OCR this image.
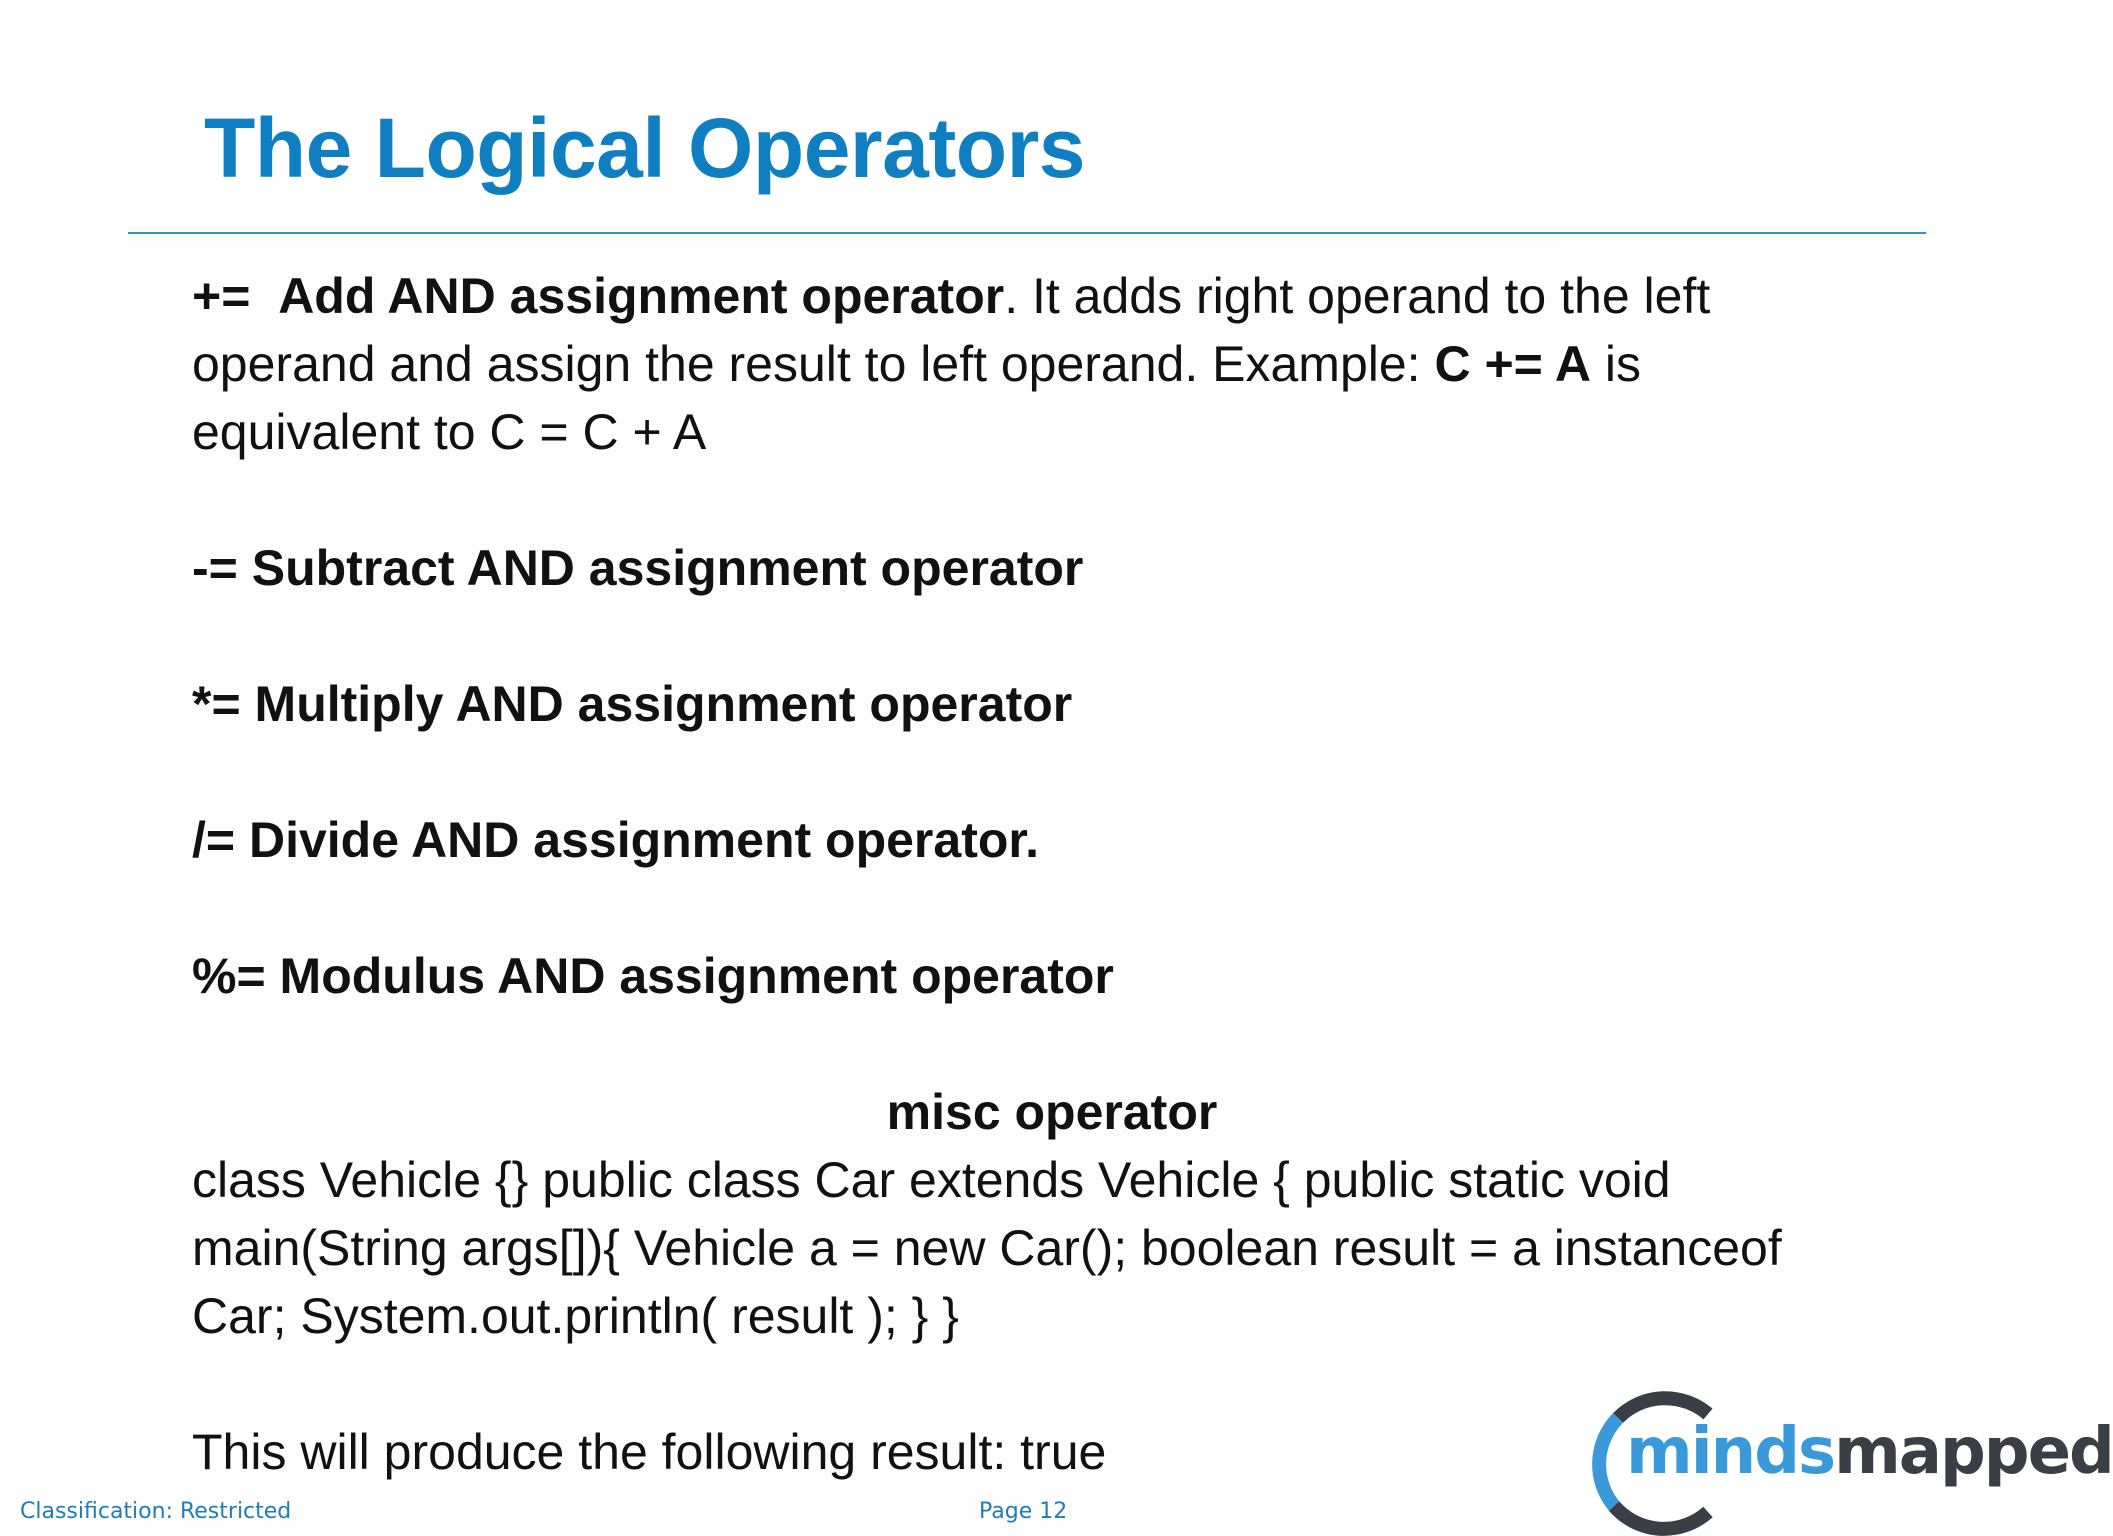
The Logical Operators

+= Add AND assignment operator. It adds right operand to the left
operand and assign the result to left operand. Example: C += A is
equivalent to C = C + A

-= Subtract AND assignment operator

*= Multiply AND assignment operator

/= Divide AND assignment operator.

%= Modulus AND assignment operator

misc operator

class Vehicle {} public class Car extends Vehicle { public static void

main(String args[]){ Vehicle a = new Car(); boolean result = a instanceof

Car; System.out.println( result ); } }

This will produce the following result: true

Classification: Restricted	Page 12
mindsmapped
